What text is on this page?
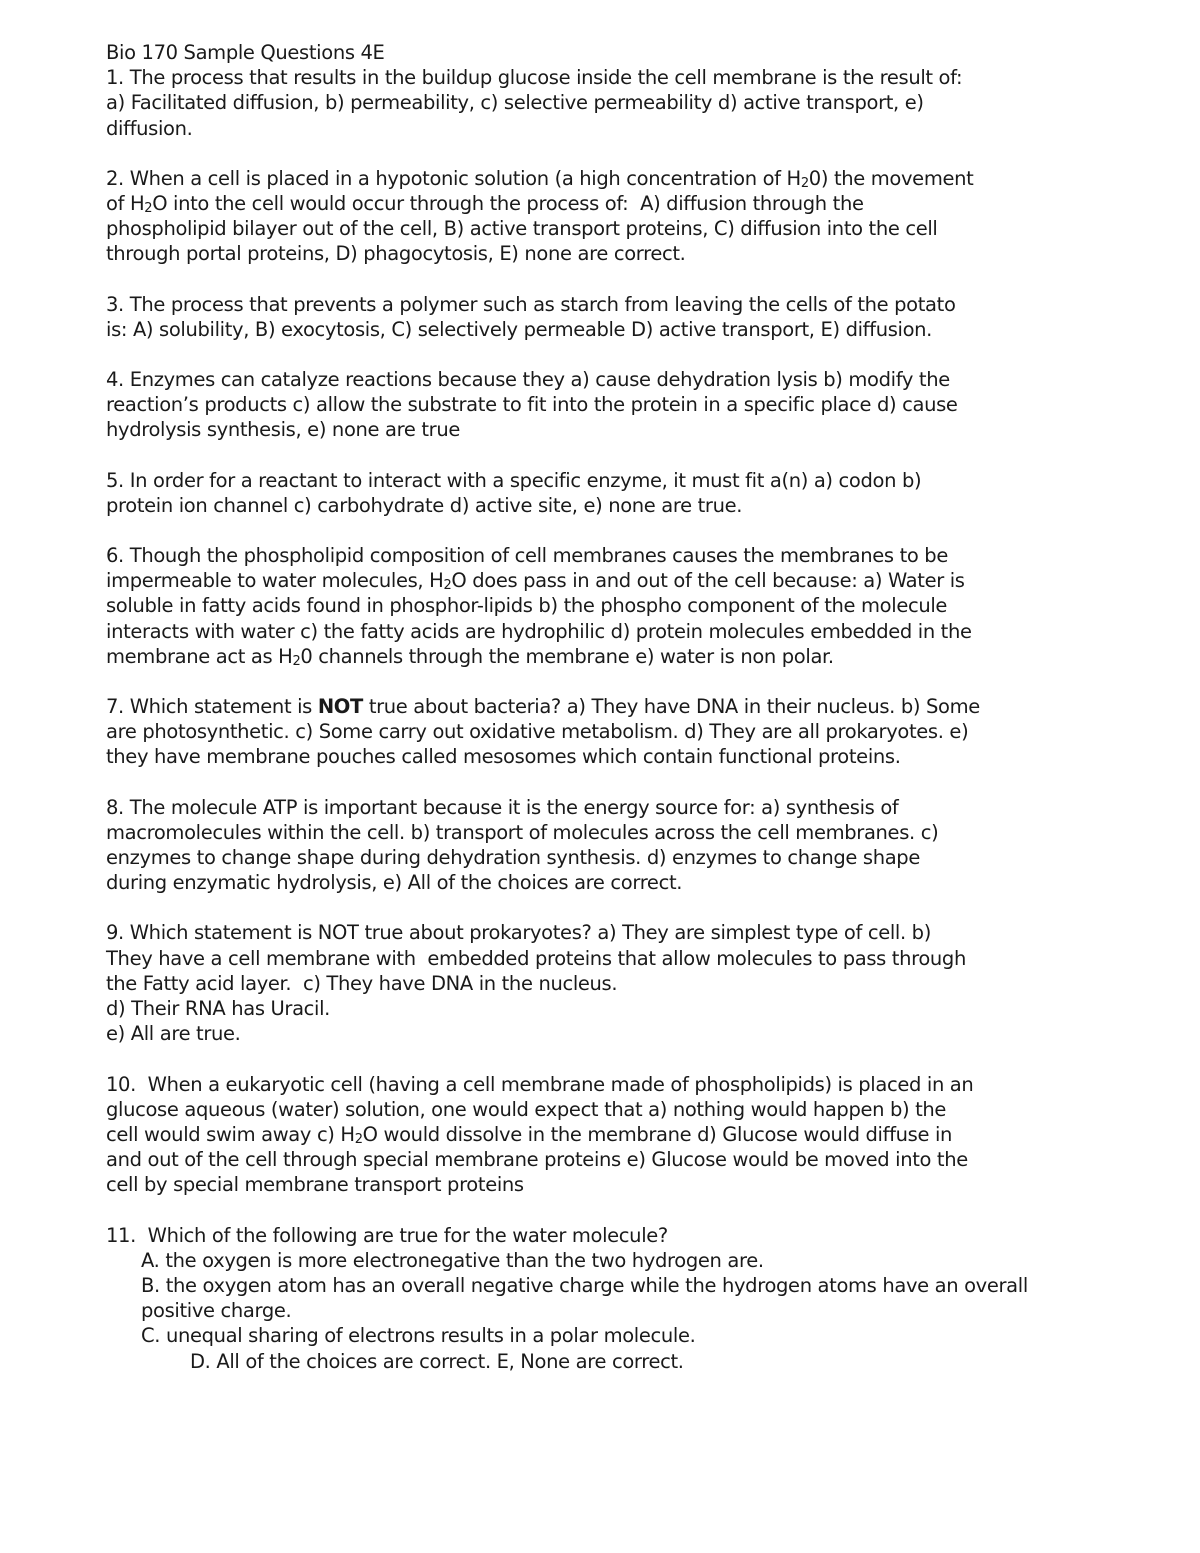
Bio 170 Sample Questions 4E
1. The process that results in the buildup glucose inside the cell membrane is the result of:
a) Facilitated diffusion, b) permeability, c) selective permeability d) active transport, e)
diffusion.
2. When a cell is placed in a hypotonic solution (a high concentration of $H_20$) the movement
of $H_2O$ into the cell would occur through the process of:  A) diffusion through the
phospholipid bilayer out of the cell, B) active transport proteins, C) diffusion into the cell
through portal proteins, D) phagocytosis, E) none are correct.
3. The process that prevents a polymer such as starch from leaving the cells of the potato
is: A) solubility, B) exocytosis, C) selectively permeable D) active transport, E) diffusion.
4. Enzymes can catalyze reactions because they a) cause dehydration lysis b) modify the
reaction’s products c) allow the substrate to fit into the protein in a specific place d) cause
hydrolysis synthesis, e) none are true
5. In order for a reactant to interact with a specific enzyme, it must fit a(n) a) codon b)
protein ion channel c) carbohydrate d) active site, e) none are true.
6. Though the phospholipid composition of cell membranes causes the membranes to be
impermeable to water molecules, $H_2O$ does pass in and out of the cell because: a) Water is
soluble in fatty acids found in phosphor-lipids b) the phospho component of the molecule
interacts with water c) the fatty acids are hydrophilic d) protein molecules embedded in the
membrane act as $H_20$ channels through the membrane e) water is non polar.
7. Which statement is NOT true about bacteria? a) They have DNA in their nucleus. b) Some
are photosynthetic. c) Some carry out oxidative metabolism. d) They are all prokaryotes. e)
they have membrane pouches called mesosomes which contain functional proteins.
8. The molecule ATP is important because it is the energy source for: a) synthesis of
macromolecules within the cell. b) transport of molecules across the cell membranes. c)
enzymes to change shape during dehydration synthesis. d) enzymes to change shape
during enzymatic hydrolysis, e) All of the choices are correct.
9. Which statement is NOT true about prokaryotes? a) They are simplest type of cell. b)
They have a cell membrane with  embedded proteins that allow molecules to pass through
the Fatty acid layer.  c) They have DNA in the nucleus.
d) Their RNA has Uracil.
e) All are true.
10.  When a eukaryotic cell (having a cell membrane made of phospholipids) is placed in an
glucose aqueous (water) solution, one would expect that a) nothing would happen b) the
cell would swim away c) $H_2O$ would dissolve in the membrane d) Glucose would diffuse in
and out of the cell through special membrane proteins e) Glucose would be moved into the
cell by special membrane transport proteins
11.  Which of the following are true for the water molecule?
A. the oxygen is more electronegative than the two hydrogen are.
B. the oxygen atom has an overall negative charge while the hydrogen atoms have an overall
positive charge.
C. unequal sharing of electrons results in a polar molecule.
D. All of the choices are correct. E, None are correct.
